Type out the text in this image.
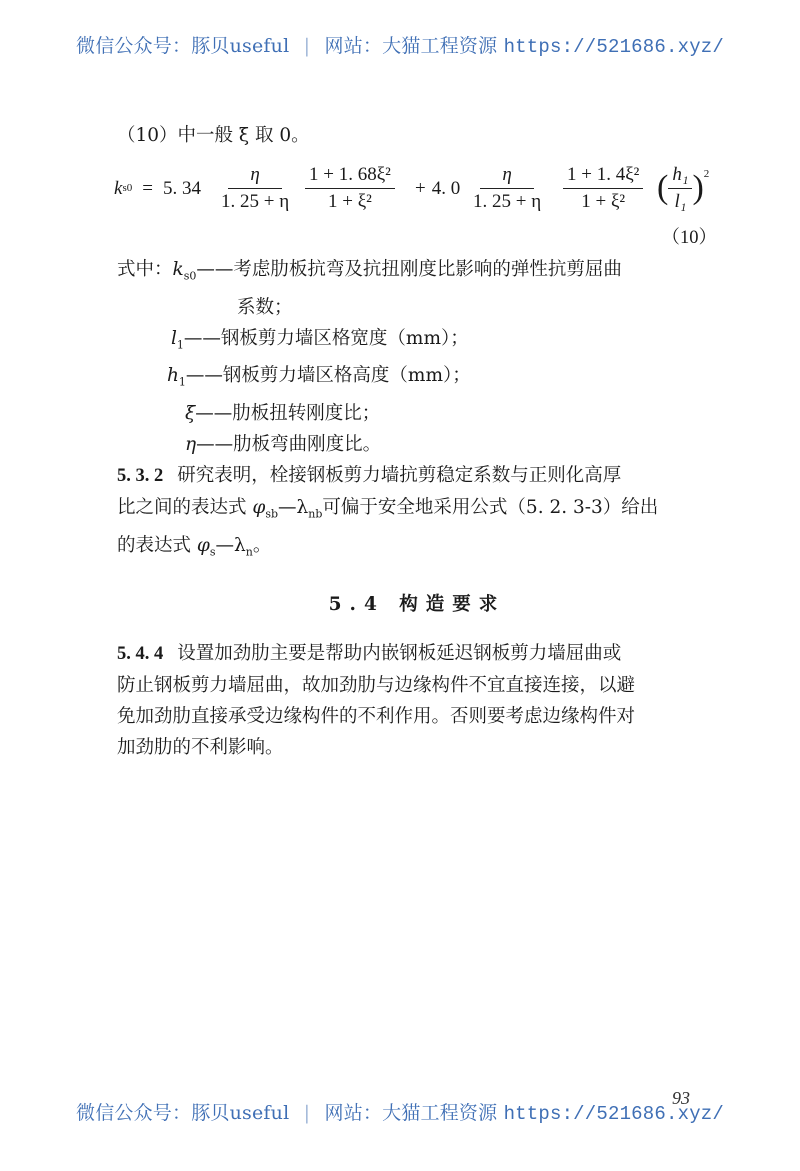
微信公众号：豚贝useful | 网站：大猫工程资源 https://521686.xyz/
（10）中一般 ξ 取 0。
k s0 = 5. $34 \frac{\eta}{1. 25 + \eta} \frac{\text{1 + 1. 68ξ²}}{\text{1 + ξ²}} + 4$. $0 \frac{\eta}{1. 25 + \eta} \frac{\text{1 + 1. 4ξ²}}{\text{1 + ξ²}}$ ( $\frac{\text{h₁}}{\text{l₁}} )^2$
（10）
式中：$k_{s0}——$考虑肋板抗弯及抗扭刚度比影响的弹性抗剪屈曲
系数；
$l_1——$钢板剪力墙区格宽度（mm）；
$h_1——$钢板剪力墙区格高度（mm）；
ξ——肋板扭转刚度比；
η——肋板弯曲刚度比。
5. 3. 2 研究表明，栓接钢板剪力墙抗剪稳定系数与正则化高厚
比之间的表达式 $\varphi_{sb}—\lambda_{nb}$可偏于安全地采用公式（5. 2. 3-3）给出
的表达式 $\varphi_s—\lambda_n$。
5.4 构造要求
5. 4. 4 设置加劲肋主要是帮助内嵌钢板延迟钢板剪力墙屈曲或
防止钢板剪力墙屈曲，故加劲肋与边缘构件不宜直接连接，以避
免加劲肋直接承受边缘构件的不利作用。否则要考虑边缘构件对
加劲肋的不利影响。
93
微信公众号：豚贝useful | 网站：大猫工程资源 https://521686.xyz/
